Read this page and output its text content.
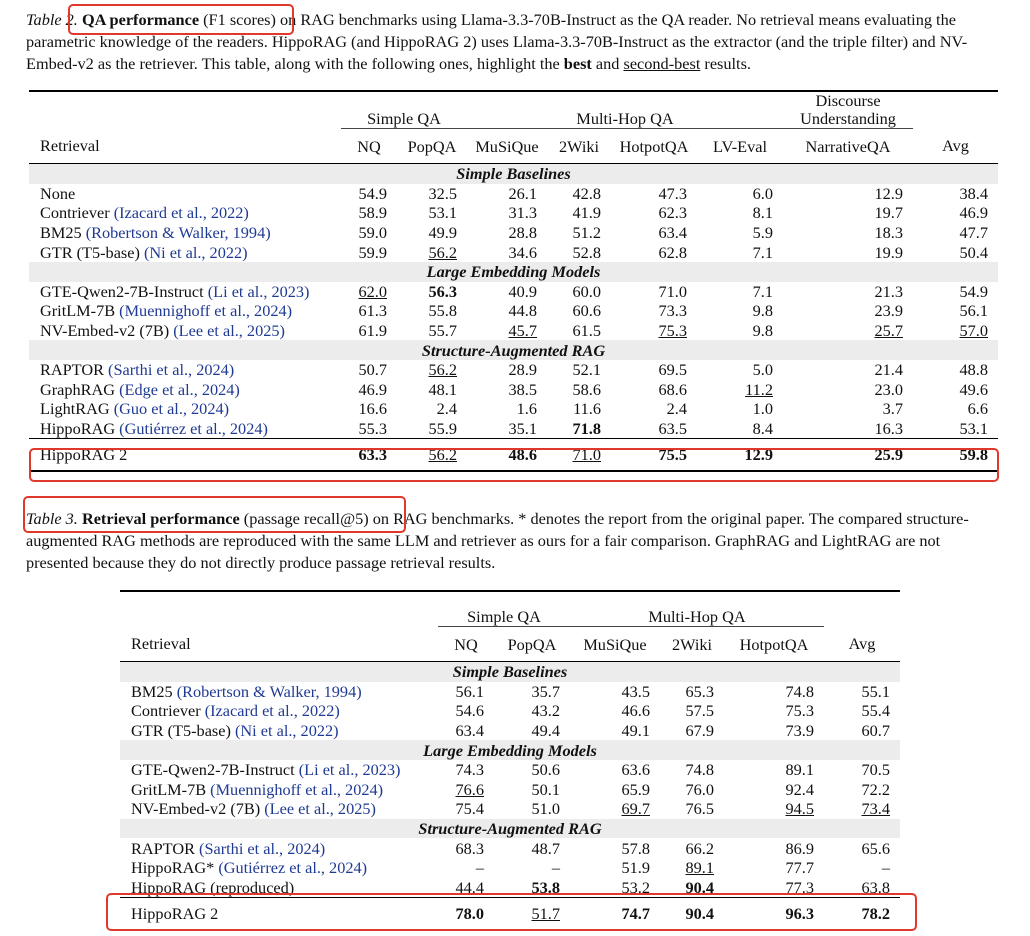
Table 2. QA performance (F1 scores) on RAG benchmarks using Llama-3.3-70B-Instruct as the QA reader. No retrieval means evaluating the parametric knowledge of the readers. HippoRAG (and HippoRAG 2) uses Llama-3.3-70B-Instruct as the extractor (and the triple filter) and NV-Embed-v2 as the retriever. This table, along with the following ones, highlight the best and second-best results.

	Simple QA		Multi-Hop QA				Discourse Understanding	
Retrieval	NQ	PopQA	MuSiQue	2Wiki	HotpotQA	LV-Eval	NarrativeQA	Avg
Simple Baselines								
None	54.9	32.5	26.1	42.8	47.3	6.0	12.9	38.4
Contriever (Izacard et al., 2022)	58.9	53.1	31.3	41.9	62.3	8.1	19.7	46.9
BM25 (Robertson & Walker, 1994)	59.0	49.9	28.8	51.2	63.4	5.9	18.3	47.7
GTR (T5-base) (Ni et al., 2022)	59.9	56.2	34.6	52.8	62.8	7.1	19.9	50.4
Large Embedding Models								
GTE-Qwen2-7B-Instruct (Li et al., 2023)	62.0	56.3	40.9	60.0	71.0	7.1	21.3	54.9
GritLM-7B (Muennighoff et al., 2024)	61.3	55.8	44.8	60.6	73.3	9.8	23.9	56.1
NV-Embed-v2 (7B) (Lee et al., 2025)	61.9	55.7	45.7	61.5	75.3	9.8	25.7	57.0
Structure-Augmented RAG								
RAPTOR (Sarthi et al., 2024)	50.7	56.2	28.9	52.1	69.5	5.0	21.4	48.8
GraphRAG (Edge et al., 2024)	46.9	48.1	38.5	58.6	68.6	11.2	23.0	49.6
LightRAG (Guo et al., 2024)	16.6	2.4	1.6	11.6	2.4	1.0	3.7	6.6
HippoRAG (Gutiérrez et al., 2024)	55.3	55.9	35.1	71.8	63.5	8.4	16.3	53.1
HippoRAG 2	63.3	56.2	48.6	71.0	75.5	12.9	25.9	59.8

Table 3. Retrieval performance (passage recall@5) on RAG benchmarks. * denotes the report from the original paper. The compared structure-augmented RAG methods are reproduced with the same LLM and retriever as ours for a fair comparison. GraphRAG and LightRAG are not presented because they do not directly produce passage retrieval results.

	Simple QA		Multi-Hop QA			
Retrieval	NQ	PopQA	MuSiQue	2Wiki	HotpotQA	Avg
Simple Baselines						
BM25 (Robertson & Walker, 1994)	56.1	35.7	43.5	65.3	74.8	55.1
Contriever (Izacard et al., 2022)	54.6	43.2	46.6	57.5	75.3	55.4
GTR (T5-base) (Ni et al., 2022)	63.4	49.4	49.1	67.9	73.9	60.7
Large Embedding Models						
GTE-Qwen2-7B-Instruct (Li et al., 2023)	74.3	50.6	63.6	74.8	89.1	70.5
GritLM-7B (Muennighoff et al., 2024)	76.6	50.1	65.9	76.0	92.4	72.2
NV-Embed-v2 (7B) (Lee et al., 2025)	75.4	51.0	69.7	76.5	94.5	73.4
Structure-Augmented RAG						
RAPTOR (Sarthi et al., 2024)	68.3	48.7	57.8	66.2	86.9	65.6
HippoRAG* (Gutiérrez et al., 2024)	–	–	51.9	89.1	77.7	–
HippoRAG (reproduced)	44.4	53.8	53.2	90.4	77.3	63.8
HippoRAG 2	78.0	51.7	74.7	90.4	96.3	78.2
